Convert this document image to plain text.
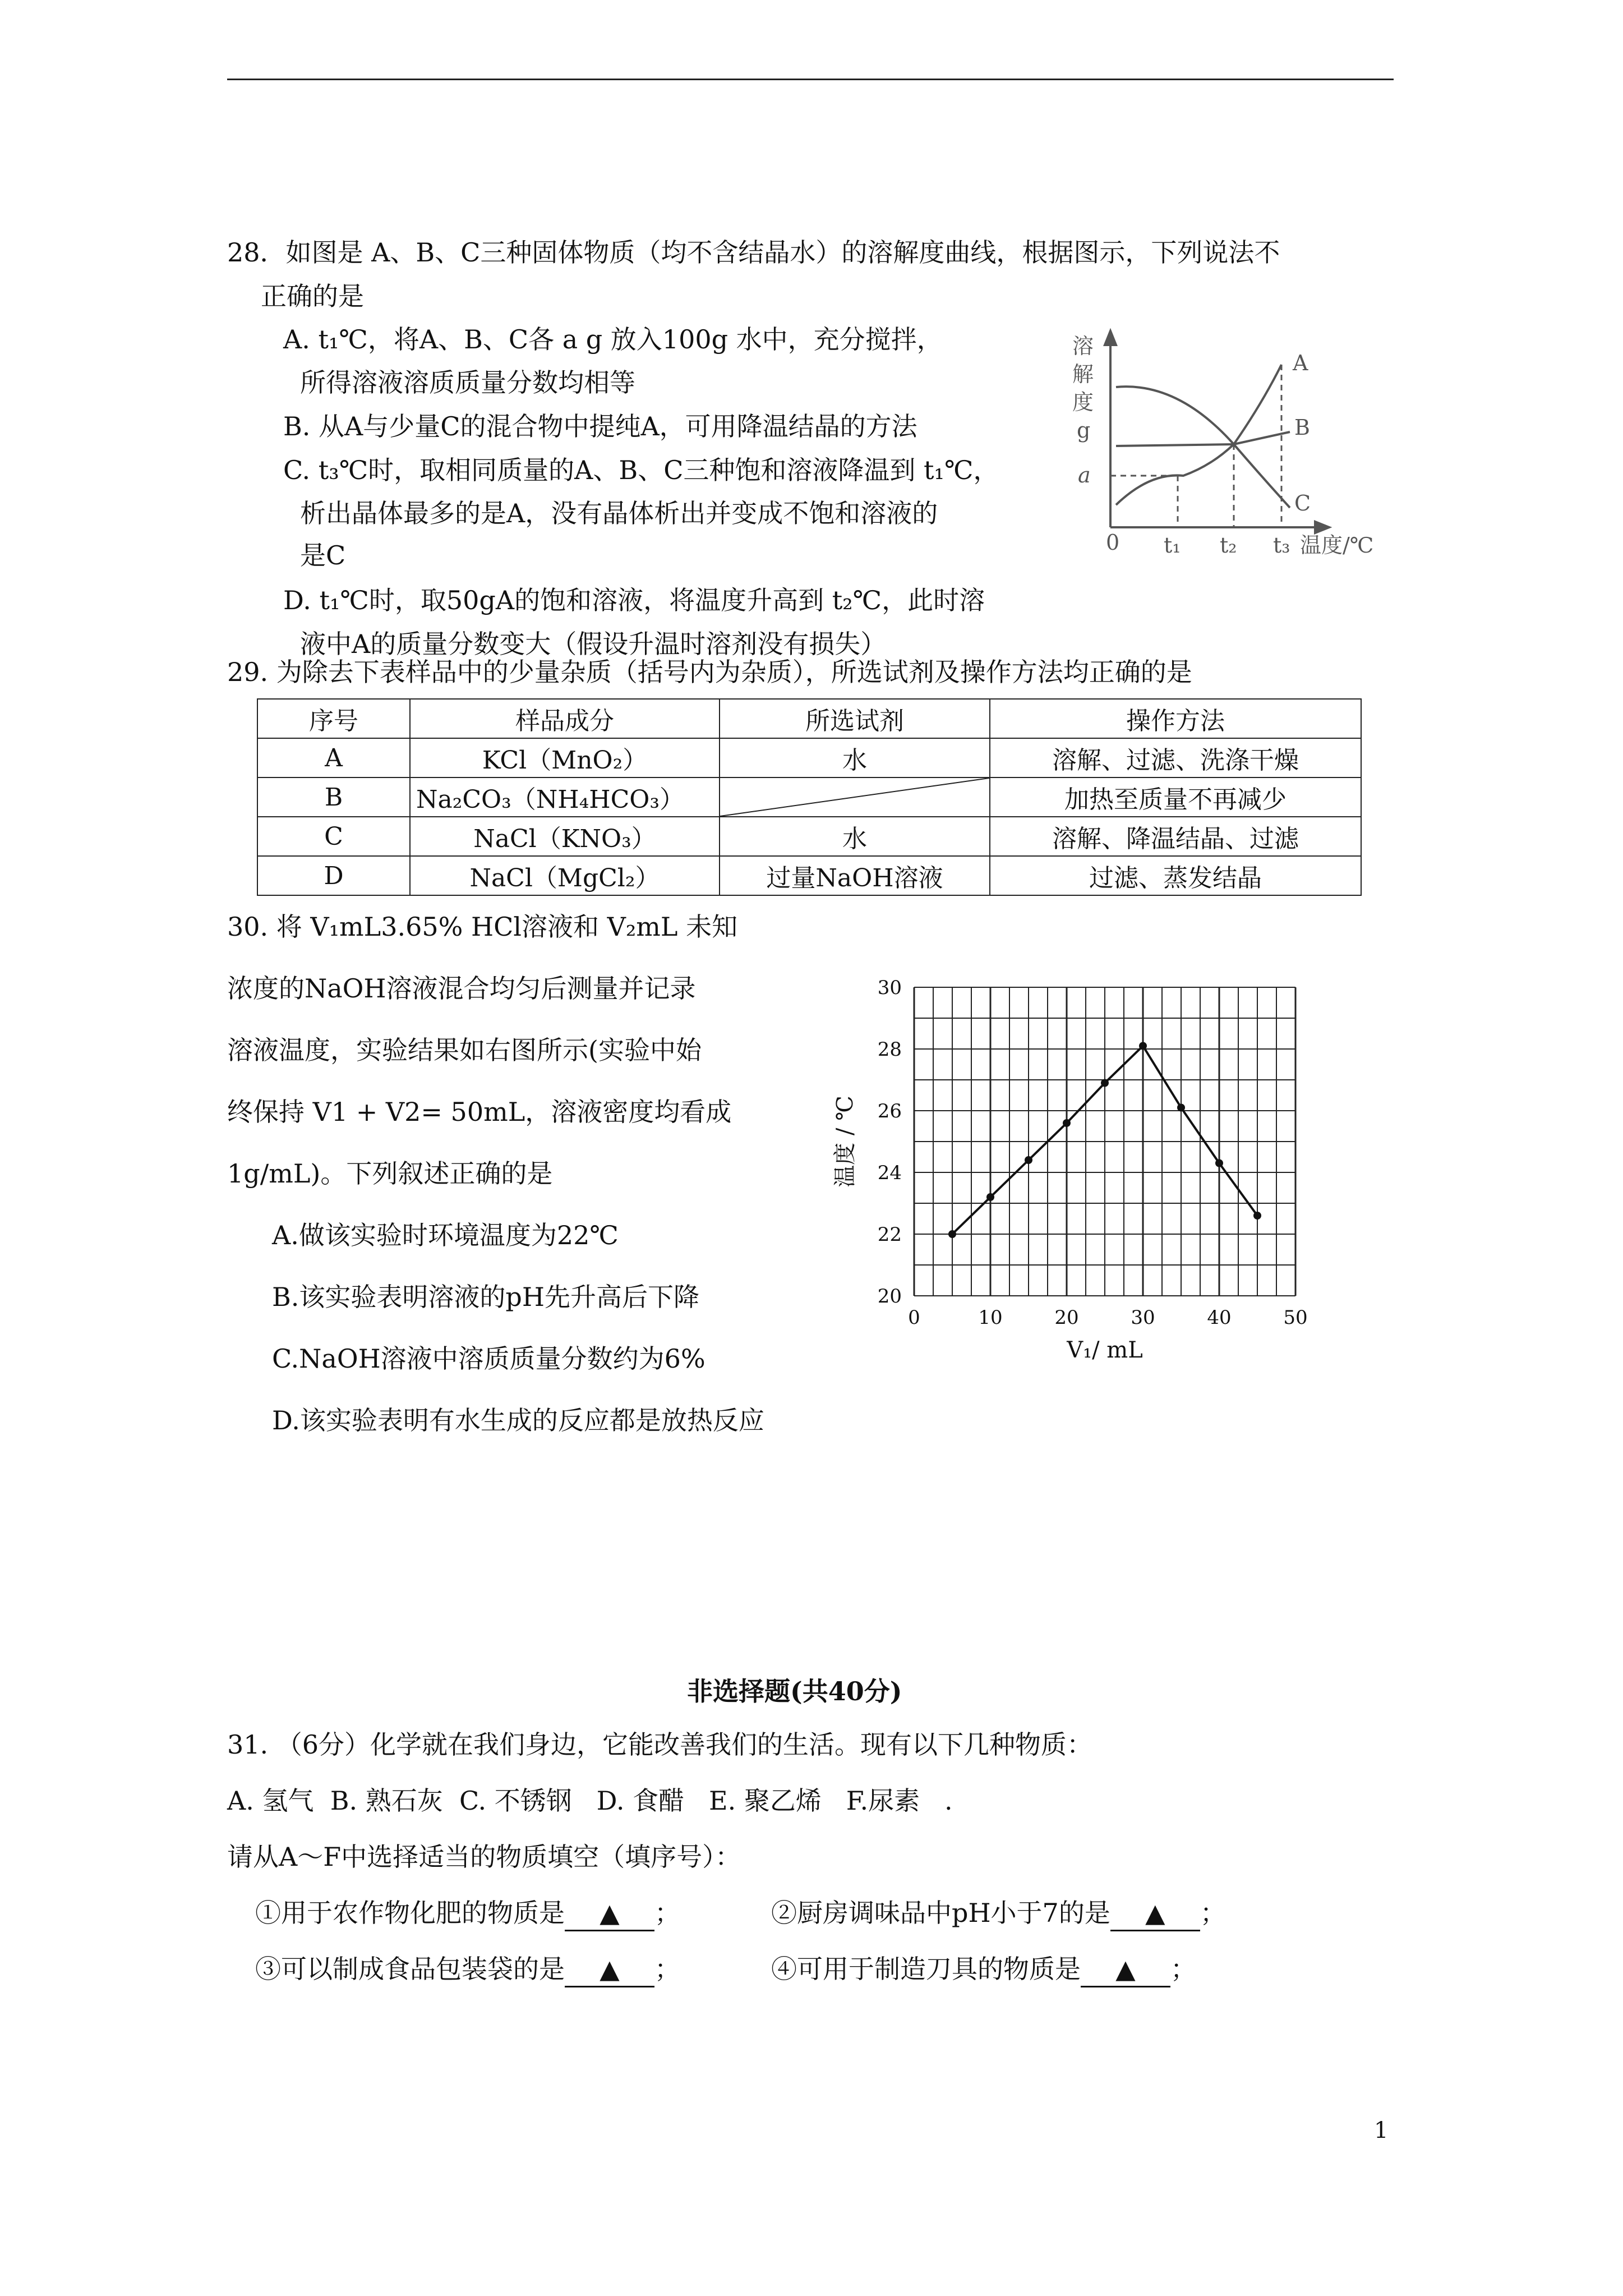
28．如图是 A、B、C三种固体物质（均不含结晶水）的溶解度曲线，根据图示，下列说法不
正确的是
A. t₁℃，将A、B、C各 a g 放入100g 水中，充分搅拌，
所得溶液溶质质量分数均相等
B. 从A与少量C的混合物中提纯A，可用降温结晶的方法
C. t₃℃时，取相同质量的A、B、C三种饱和溶液降温到 t₁℃，
析出晶体最多的是A，没有晶体析出并变成不饱和溶液的
是C
D. t₁℃时，取50gA的饱和溶液，将温度升高到 t₂℃，此时溶
液中A的质量分数变大（假设升温时溶剂没有损失）
溶
解
度
g
a
0 t₁ t₂ t₃ 温度/℃
A
B
C
29. 为除去下表样品中的少量杂质（括号内为杂质），所选试剂及操作方法均正确的是
序号	样品成分	所选试剂	操作方法
A	KCl（MnO₂）	水	溶解、过滤、洗涤干燥
B	Na₂CO₃（NH₄HCO₃）		加热至质量不再减少
C	NaCl（KNO₃）	水	溶解、降温结晶、过滤
D	NaCl（MgCl₂）	过量NaOH溶液	过滤、蒸发结晶
30. 将 V₁mL3.65% HCl溶液和 V₂mL 未知
浓度的NaOH溶液混合均匀后测量并记录
溶液温度，实验结果如右图所示(实验中始
终保持 V1 + V2= 50mL，溶液密度均看成
1g/mL)。下列叙述正确的是
A.做该实验时环境温度为22℃
B.该实验表明溶液的pH先升高后下降
C.NaOH溶液中溶质质量分数约为6%
D.该实验表明有水生成的反应都是放热反应
0	10	20	30	40	50
20
22
24
26
28
30
V₁/ mL
温度 / ℃
非选择题(共40分)
31. （6分）化学就在我们身边，它能改善我们的生活。现有以下几种物质：
A. 氢气  B. 熟石灰  C. 不锈钢   D. 食醋   E. 聚乙烯   F.尿素   .
请从A～F中选择适当的物质填空（填序号）：
①用于农作物化肥的物质是 ▲ ；	②厨房调味品中pH小于7的是 ▲ ；
③可以制成食品包装袋的是 ▲ ；	④可用于制造刀具的物质是 ▲ ；
1
